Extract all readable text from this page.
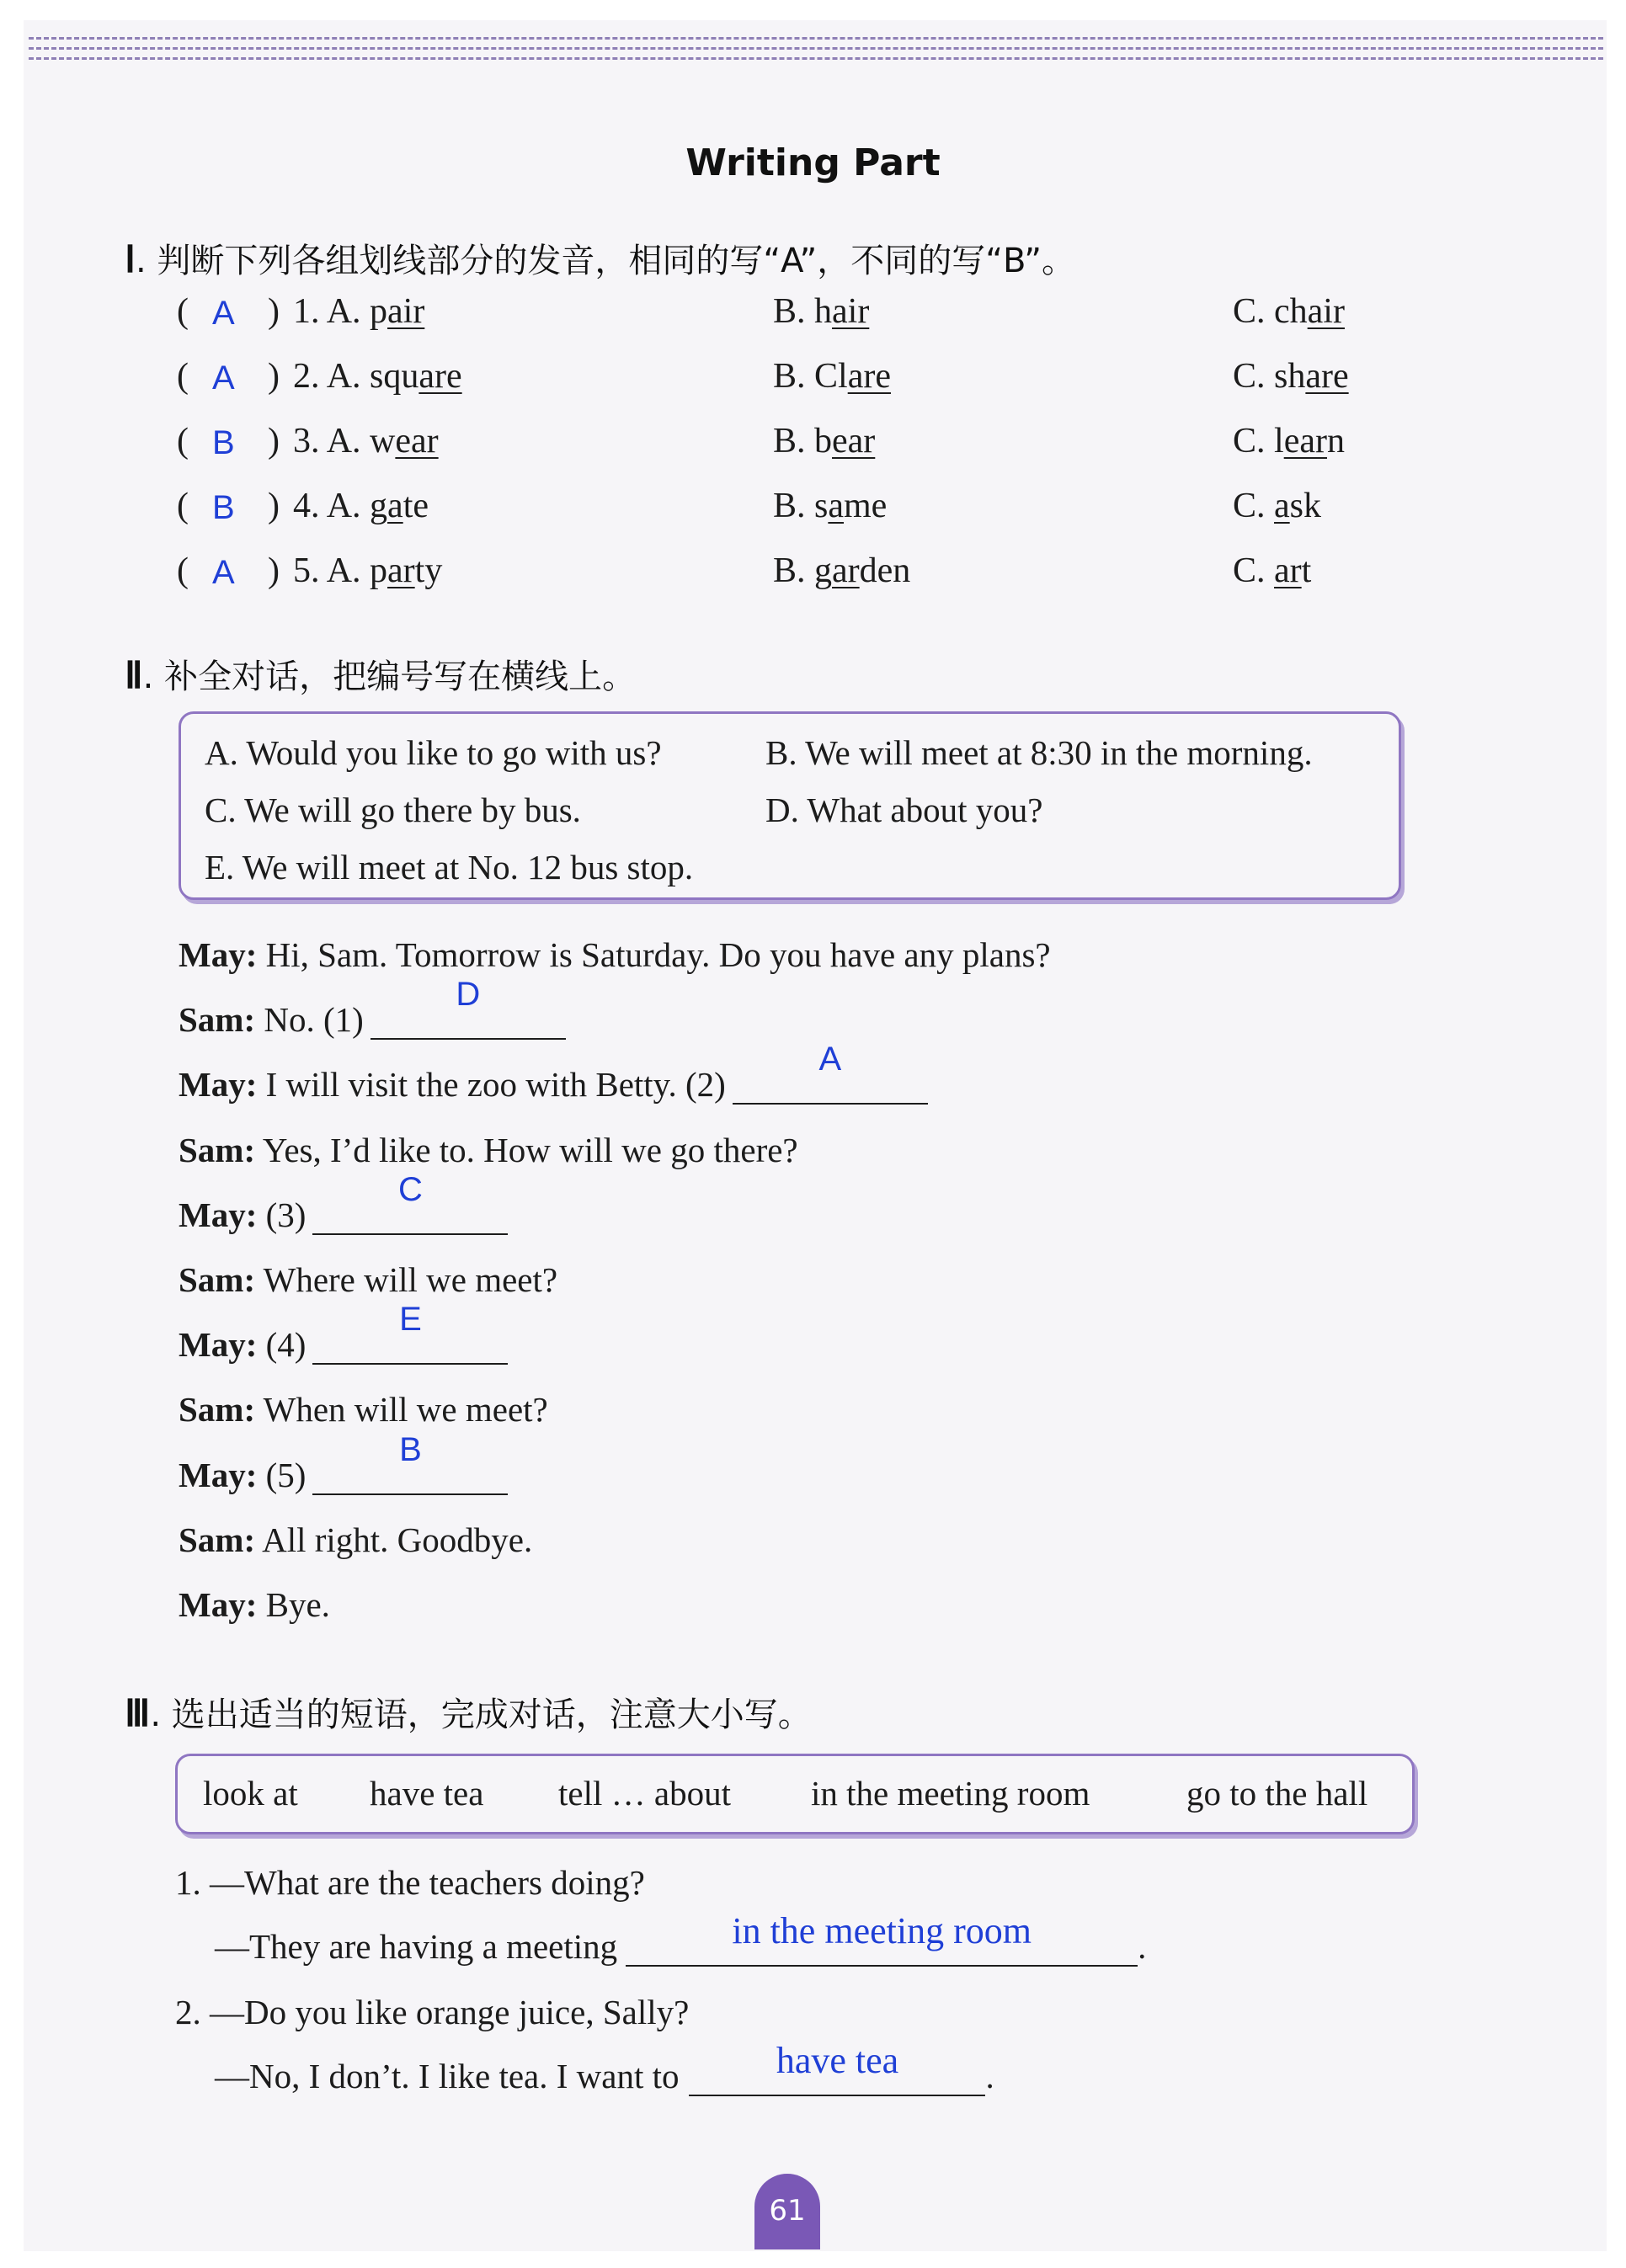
Writing Part
Ⅰ. 判断下列各组划线部分的发音，相同的写“A”，不同的写“B”。
( A ) 1. A. pair	B. hair	C. chair
( A ) 2. A. square	B. Clare	C. share
( B ) 3. A. wear	B. bear	C. learn
( B ) 4. A. gate	B. same	C. ask
( A ) 5. A. party	B. garden	C. art
Ⅱ. 补全对话，把编号写在横线上。
A. Would you like to go with us?	B. We will meet at 8:30 in the morning.
C. We will go there by bus.	D. What about you?
E. We will meet at No. 12 bus stop.
May: Hi, Sam. Tomorrow is Saturday. Do you have any plans?
Sam: No. (1)
D
May: I will visit the zoo with Betty. (2)
A
Sam: Yes, I’d like to. How will we go there?
May: (3)
C
Sam: Where will we meet?
May: (4)
E
Sam: When will we meet?
May: (5)
B
Sam: All right. Goodbye.
May: Bye.
Ⅲ. 选出适当的短语，完成对话，注意大小写。
look at have tea tell … about in the meeting room	go to the hall
1. —What are the teachers doing?
—They are having a meeting	in the meeting room	.
2. —Do you like orange juice, Sally?
—No, I don’t. I like tea. I want to	have tea	.
61
